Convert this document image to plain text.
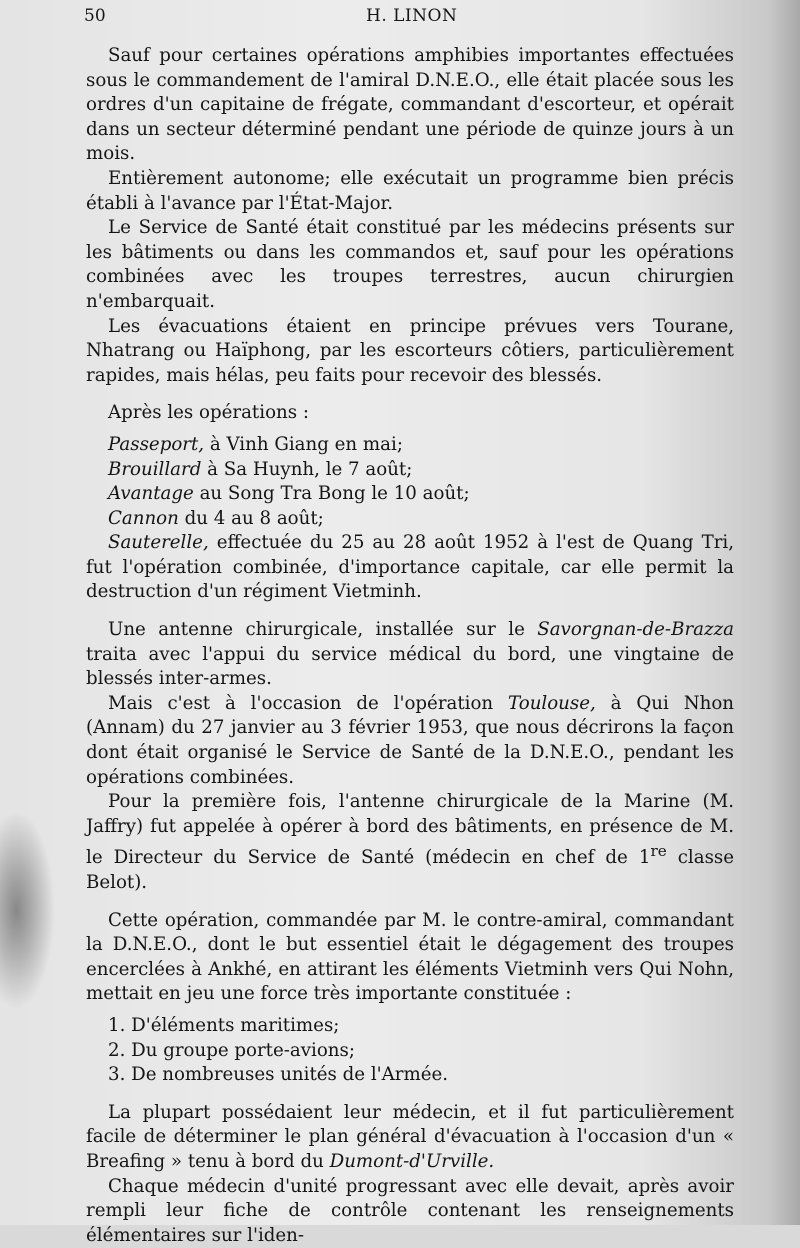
50	H. LINON

Sauf pour certaines opérations amphibies importantes effectuées sous le commandement de l'amiral D.N.E.O., elle était placée sous les ordres d'un capitaine de frégate, commandant d'escorteur, et opérait dans un secteur déterminé pendant une période de quinze jours à un mois.

Entièrement autonome; elle exécutait un programme bien précis établi à l'avance par l'État-Major.

Le Service de Santé était constitué par les médecins présents sur les bâtiments ou dans les commandos et, sauf pour les opérations combinées avec les troupes terrestres, aucun chirurgien n'embarquait.

Les évacuations étaient en principe prévues vers Tourane, Nhatrang ou Haïphong, par les escorteurs côtiers, particulièrement rapides, mais hélas, peu faits pour recevoir des blessés.

Après les opérations :

Passeport, à Vinh Giang en mai;

Brouillard à Sa Huynh, le 7 août;

Avantage au Song Tra Bong le 10 août;

Cannon du 4 au 8 août;

Sauterelle, effectuée du 25 au 28 août 1952 à l'est de Quang Tri, fut l'opération combinée, d'importance capitale, car elle permit la destruction d'un régiment Vietminh.

Une antenne chirurgicale, installée sur le Savorgnan-de-Brazza traita avec l'appui du service médical du bord, une vingtaine de blessés inter-armes.

Mais c'est à l'occasion de l'opération Toulouse, à Qui Nhon (Annam) du 27 janvier au 3 février 1953, que nous décrirons la façon dont était organisé le Service de Santé de la D.N.E.O., pendant les opérations combinées.

Pour la première fois, l'antenne chirurgicale de la Marine (M. Jaffry) fut appelée à opérer à bord des bâtiments, en présence de M. le Directeur du Service de Santé (médecin en chef de 1re classe Belot).

Cette opération, commandée par M. le contre-amiral, commandant la D.N.E.O., dont le but essentiel était le dégagement des troupes encerclées à Ankhé, en attirant les éléments Vietminh vers Qui Nohn, mettait en jeu une force très importante constituée :

1. D'éléments maritimes;
2. Du groupe porte-avions;
3. De nombreuses unités de l'Armée.

La plupart possédaient leur médecin, et il fut particulièrement facile de déterminer le plan général d'évacuation à l'occasion d'un « Breafing » tenu à bord du Dumont-d'Urville.

Chaque médecin d'unité progressant avec elle devait, après avoir rempli leur fiche de contrôle contenant les renseignements élémentaires sur l'iden-
